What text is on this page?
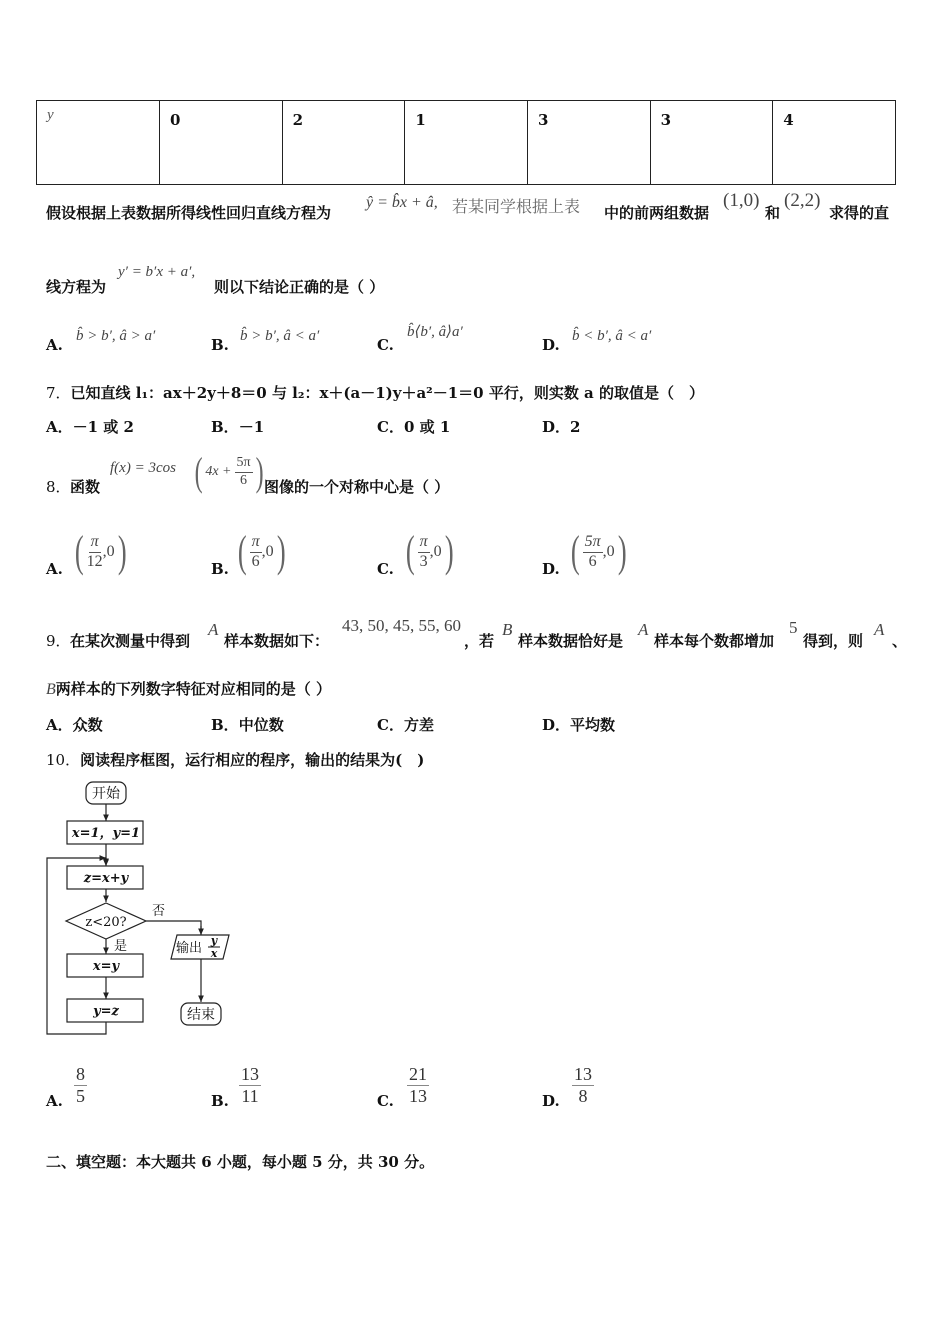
y	0	2	1	3	3	4
假设根据上表数据所得线性回归直线方程为
ŷ = b̂x + â, 若某同学根据上表 中的前两组数据
(1,0)
和
(2,2)
求得的直
线方程为
y′ = b′x + a′,
则以下结论正确的是（ ）
A. b̂ > b′, â > a′	B. b̂ > b′, â < a′	C.
b̂⟨b′, â⟩a′
D. b̂ < b′, â < a′
7．已知直线 l₁：ax＋2y＋8＝0 与 l₂：x＋(a－1)y＋a²－1＝0 平行，则实数 a 的取值是（　）
A．－1 或 2	B．－1	C．0 或 1	D．2
8． 函数
f(x) = 3cos ( $4x + \frac{5\pi}{6}$ ) 图像的一个对称中心是（ ）
A. ( $\frac{\pi}{12} ,0$ )	B. ( $\frac{\pi}{6} ,0$ )	C. ( $\frac{\pi}{3} ,0$ )	D. ( $\frac{5\pi}{6} ,0$ )
9． 在某次测量中得到
A
样本数据如下：
43, 50, 45, 55, 60
，若
B
样本数据恰好是
A
样本每个数都增加
5
得到，则
A
、
B两样本的下列数字特征对应相同的是（ ）
A．众数	B．中位数	C．方差	D．平均数
10．阅读程序框图，运行相应的程序，输出的结果为(　)
开始
x=1，y=1
z=x+y
z<20?
否
是
x=y
y=z
输出
y
x
结束
A. $\frac{8}{5}$	B. $\frac{13}{11}$	C. $\frac{21}{13}$	D. $\frac{13}{8}$
二、填空题：本大题共 6 小题，每小题 5 分，共 30 分。
